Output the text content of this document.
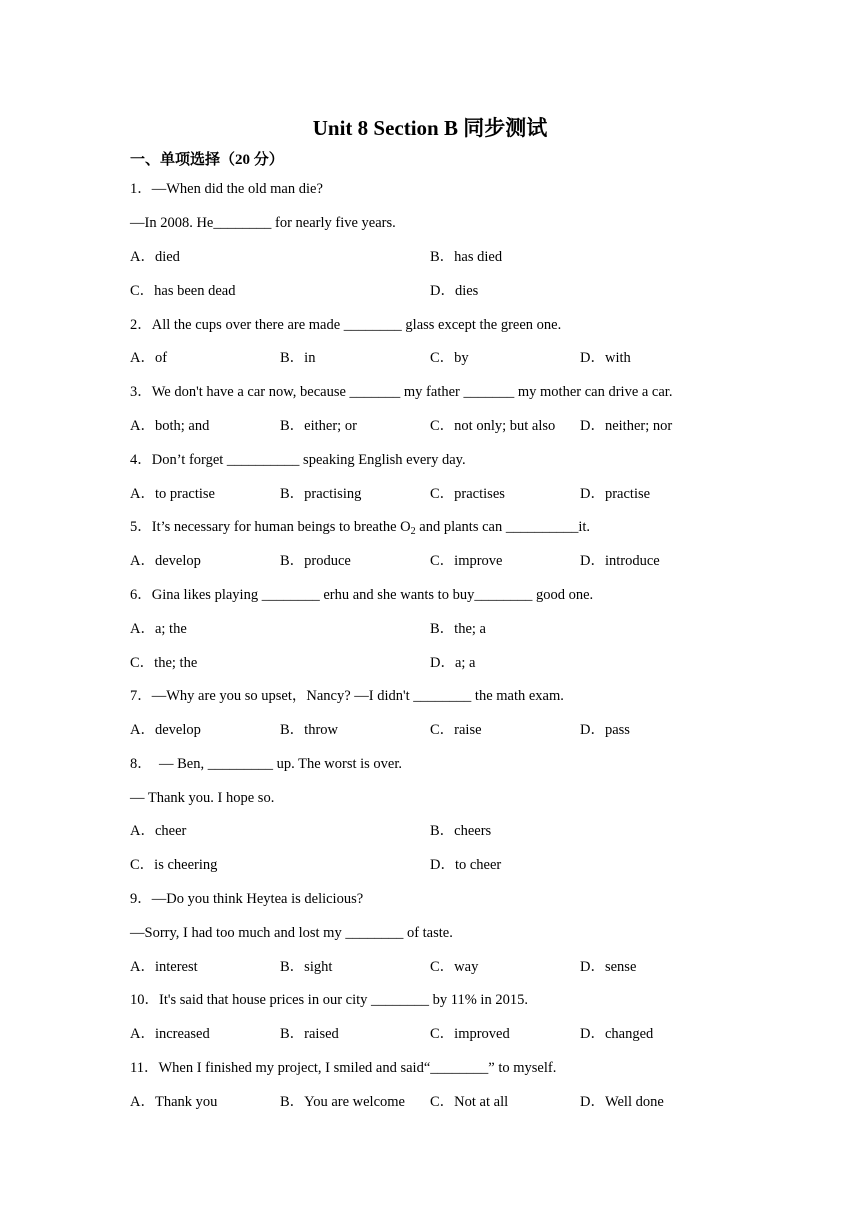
Unit 8 Section B 同步测试
一、单项选择（20 分）
1．—When did the old man die?
—In 2008. He________ for nearly five years.
A．died	B．has died
C．has been dead	D．dies
2．All the cups over there are made ________ glass except the green one.
A．of	B．in	C．by	D．with
3．We don't have a car now, because _______ my father _______ my mother can drive a car.
A．both; and	B．either; or	C．not only; but also D．neither; nor
4．Don’t forget __________ speaking English every day.
A．to practise	B．practising	C．practises	D．practise
5．It’s necessary for human beings to breathe $O_2$ and plants can __________it.
A．develop	B．produce	C．improve	D．introduce
6．Gina likes playing ________ erhu and she wants to buy________ good one.
A．a; the	B．the; a
C．the; the	D．a; a
7．—Why are you so upset，Nancy? —I didn't ________ the math exam.
A．develop	B．throw	C．raise	D．pass
8．　— Ben, _________ up. The worst is over.
— Thank you. I hope so.
A．cheer	B．cheers
C．is cheering	D．to cheer
9．—Do you think Heytea is delicious?
—Sorry, I had too much and lost my ________ of taste.
A．interest	B．sight	C．way	D．sense
10．It's said that house prices in our city ________ by 11% in 2015.
A．increased	B．raised	C．improved	D．changed
11．When I finished my project, I smiled and said“________” to myself.
A．Thank you	B．You are welcome C．Not at all	D．Well done
